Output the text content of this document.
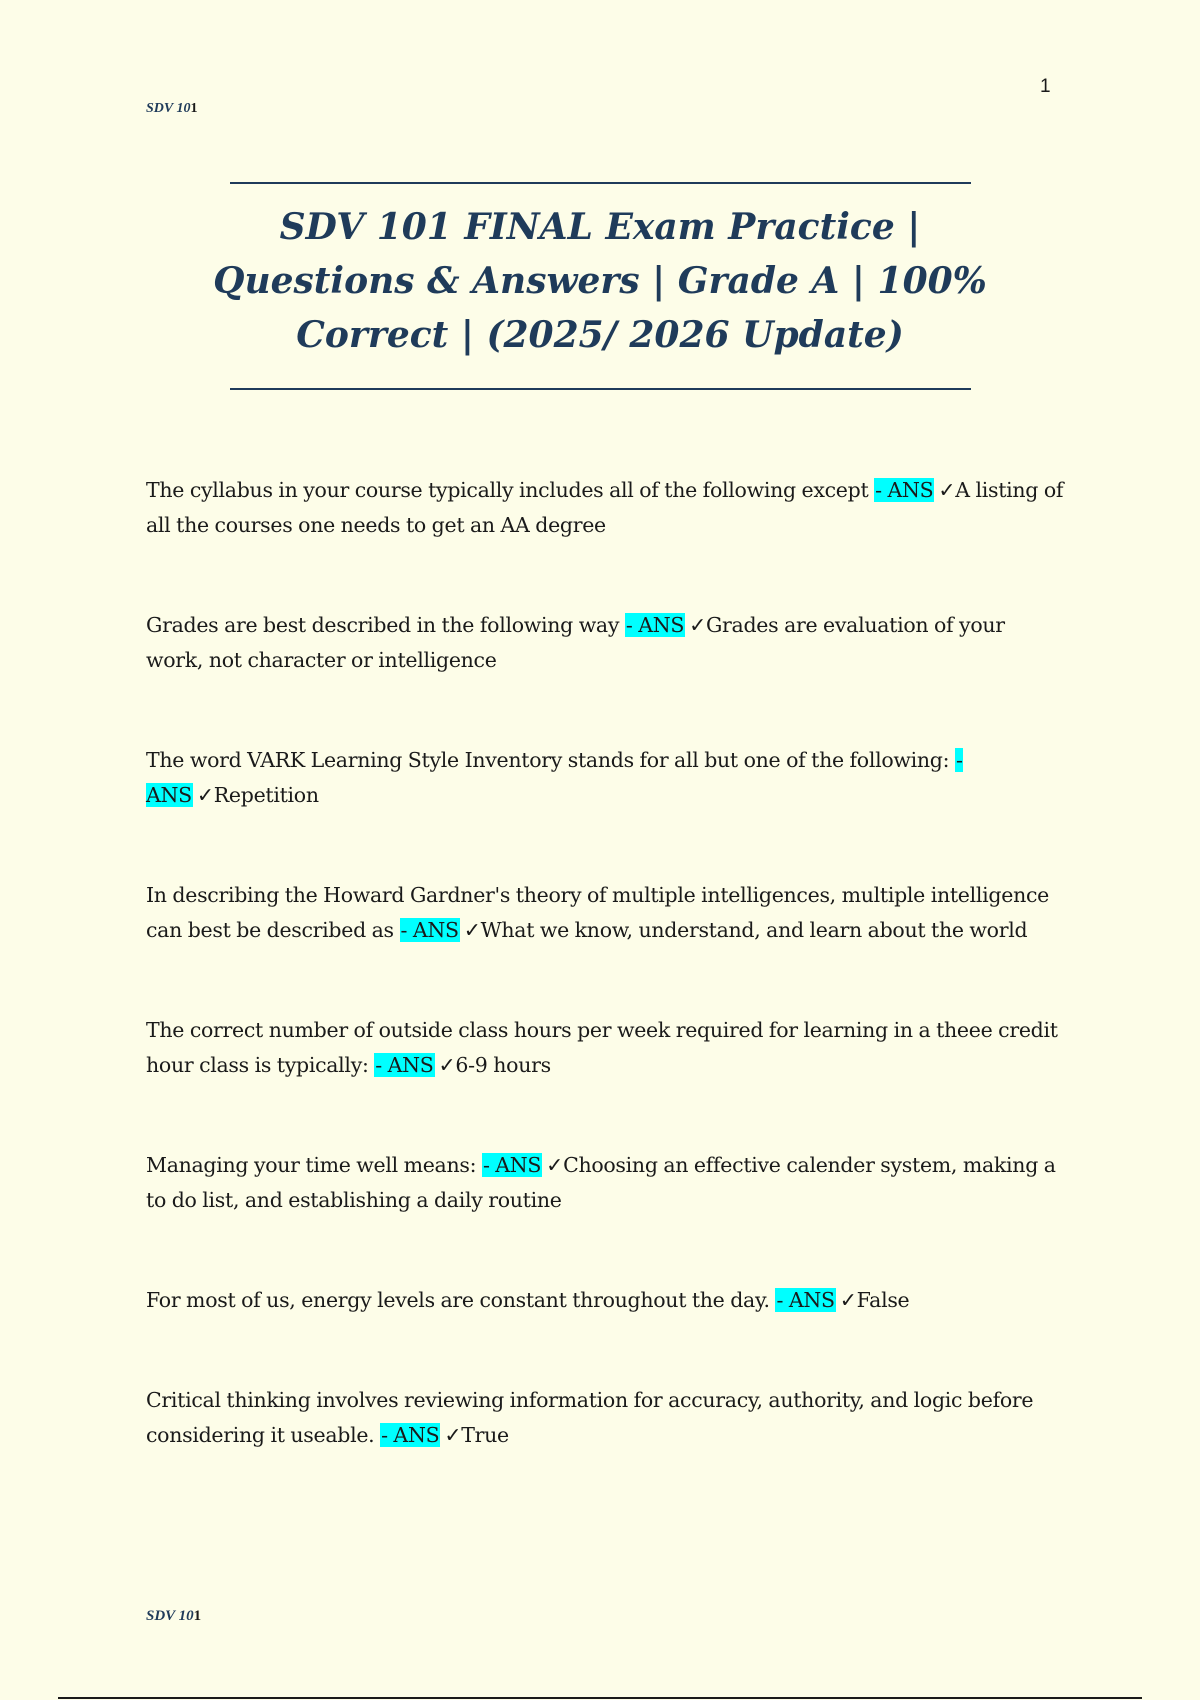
1
SDV 101
SDV 101 FINAL Exam Practice | Questions & Answers | Grade A | 100% Correct | (2025/ 2026 Update)

The cyllabus in your course typically includes all of the following except - ANS ✓A listing of all the courses one needs to get an AA degree

Grades are best described in the following way - ANS ✓Grades are evaluation of your work, not character or intelligence

The word VARK Learning Style Inventory stands for all but one of the following: - ANS ✓Repetition

In describing the Howard Gardner's theory of multiple intelligences, multiple intelligence can best be described as - ANS ✓What we know, understand, and learn about the world

The correct number of outside class hours per week required for learning in a theee credit hour class is typically: - ANS ✓6-9 hours

Managing your time well means: - ANS ✓Choosing an effective calender system, making a to do list, and establishing a daily routine

For most of us, energy levels are constant throughout the day. - ANS ✓False

Critical thinking involves reviewing information for accuracy, authority, and logic before considering it useable. - ANS ✓True

SDV 101
